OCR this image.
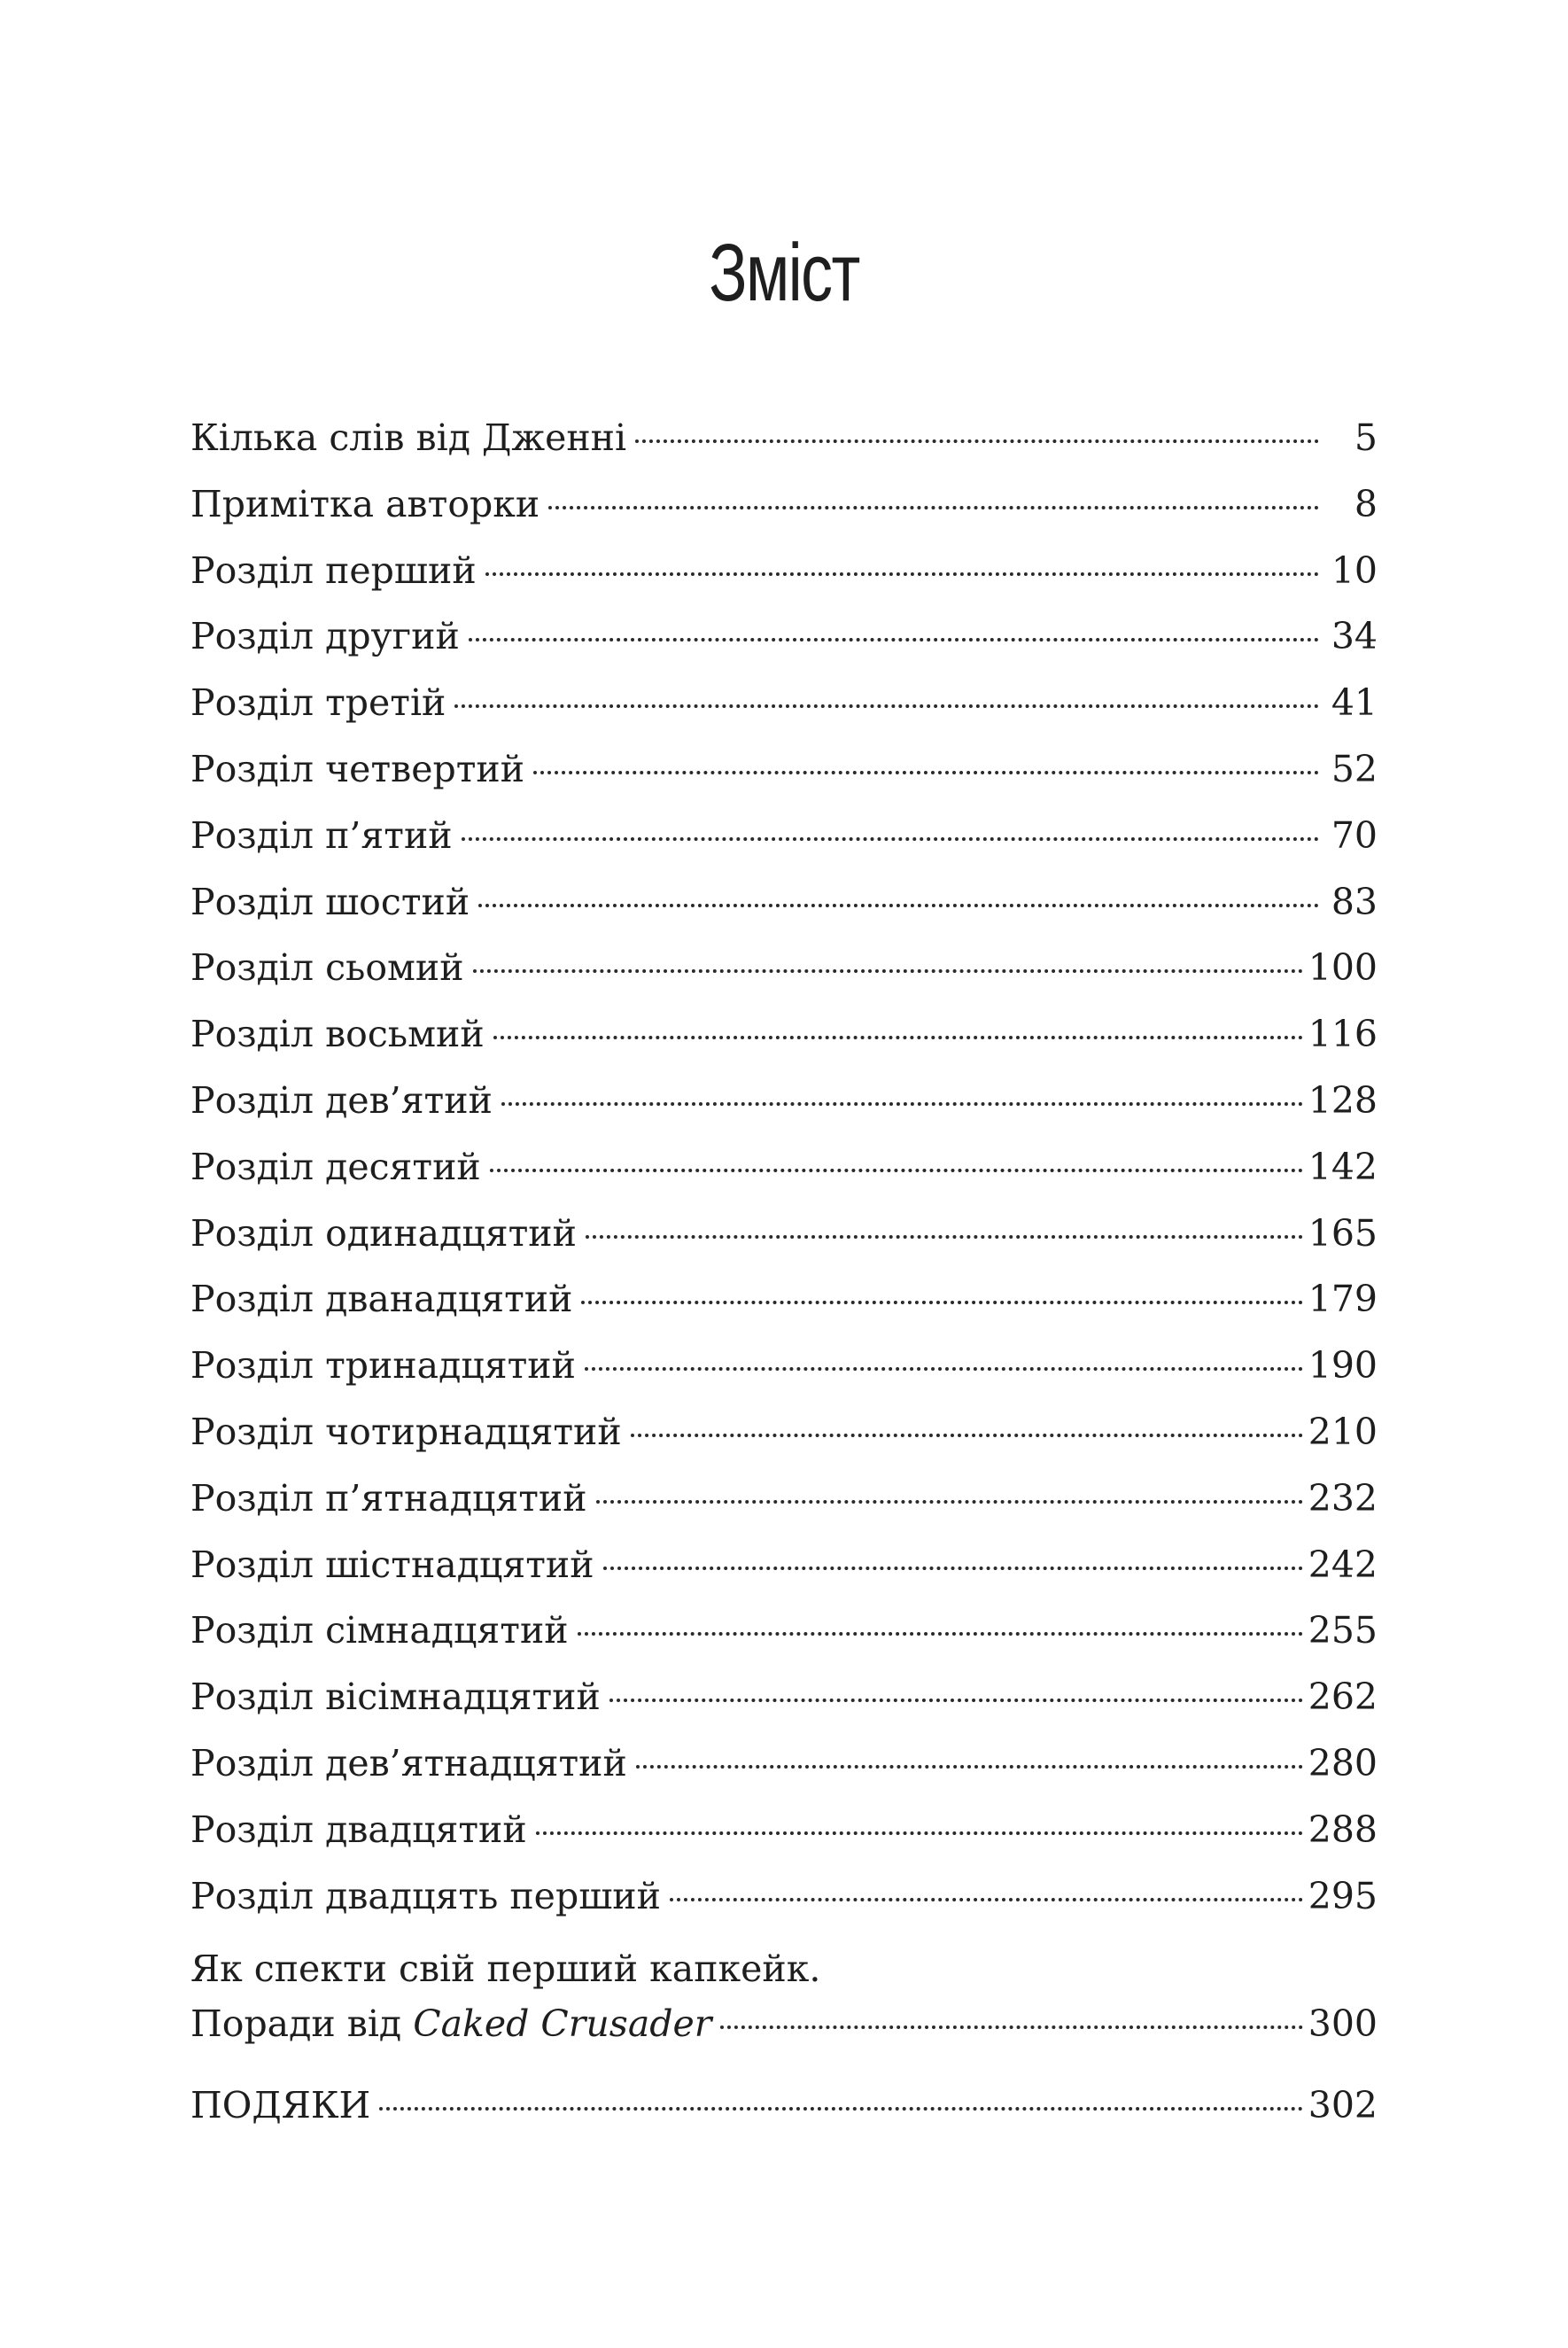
Зміст
Кілька слів від Дженні	5
Примітка авторки	8
Розділ перший	10
Розділ другий	34
Розділ третій	41
Розділ четвертий	52
Розділ п’ятий	70
Розділ шостий	83
Розділ сьомий	100
Розділ восьмий	116
Розділ дев’ятий	128
Розділ десятий	142
Розділ одинадцятий	165
Розділ дванадцятий	179
Розділ тринадцятий	190
Розділ чотирнадцятий	210
Розділ п’ятнадцятий	232
Розділ шістнадцятий	242
Розділ сімнадцятий	255
Розділ вісімнадцятий	262
Розділ дев’ятнадцятий	280
Розділ двадцятий	288
Розділ двадцять перший	295
Як спекти свій перший капкейк.
Поради від Caked Crusader	300
ПОДЯКИ	302
